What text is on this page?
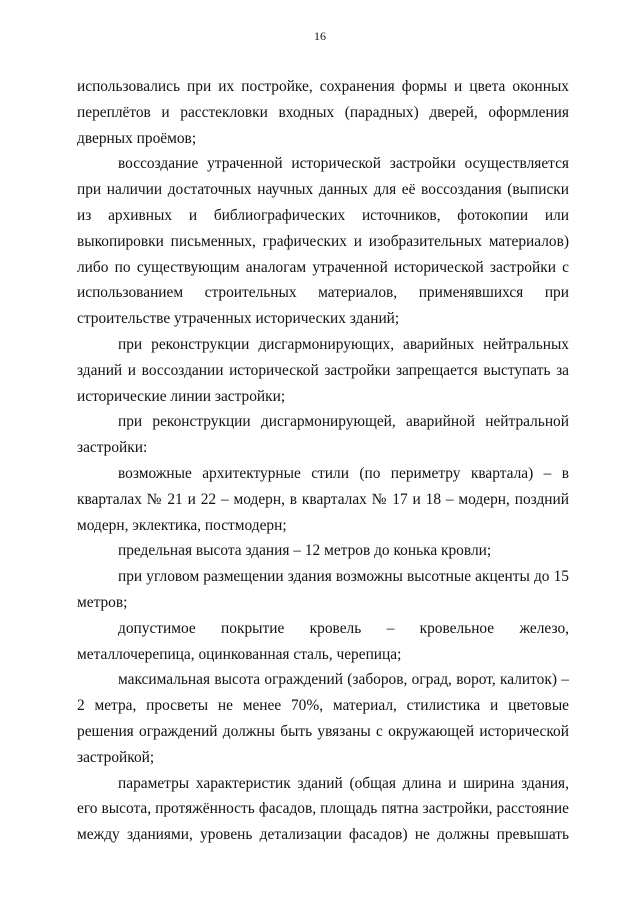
16

использовались при их постройке, сохранения формы и цвета оконных переплётов и расстекловки входных (парадных) дверей, оформления дверных проёмов;

воссоздание утраченной исторической застройки осуществляется при наличии достаточных научных данных для её воссоздания (выписки из архивных и библиографических источников, фотокопии или выкопировки письменных, графических и изобразительных материалов) либо по существующим аналогам утраченной исторической застройки с использованием строительных материалов, применявшихся при строительстве утраченных исторических зданий;

при реконструкции дисгармонирующих, аварийных нейтральных зданий и воссоздании исторической застройки запрещается выступать за исторические линии застройки;

при реконструкции дисгармонирующей, аварийной нейтральной застройки:

возможные архитектурные стили (по периметру квартала) – в кварталах № 21 и 22 – модерн, в кварталах № 17 и 18 – модерн, поздний модерн, эклектика, постмодерн;

предельная высота здания – 12 метров до конька кровли;

при угловом размещении здания возможны высотные акценты до 15 метров;

допустимое покрытие кровель – кровельное железо, металлочерепица, оцинкованная сталь, черепица;

максимальная высота ограждений (заборов, оград, ворот, калиток) – 2 метра, просветы не менее 70%, материал, стилистика и цветовые решения ограждений должны быть увязаны с окружающей исторической застройкой;

параметры характеристик зданий (общая длина и ширина здания, его высота, протяжённость фасадов, площадь пятна застройки, расстояние между зданиями, уровень детализации фасадов) не должны превышать
